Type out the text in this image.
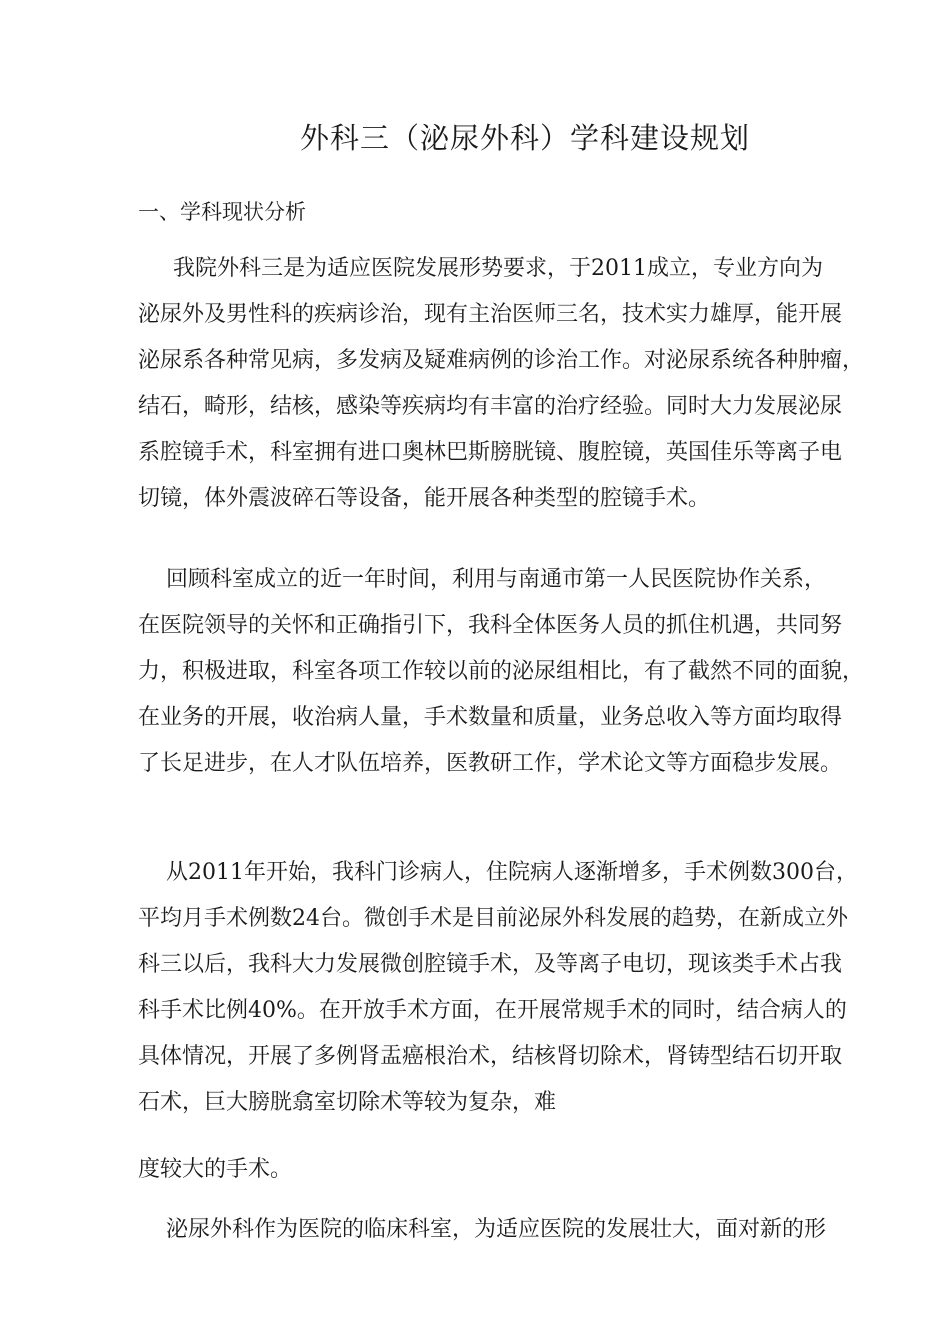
外科三（泌尿外科）学科建设规划
一、学科现状分析
我院外科三是为适应医院发展形势要求，于2011成立，专业方向为
泌尿外及男性科的疾病诊治，现有主治医师三名，技术实力雄厚，能开展
泌尿系各种常见病，多发病及疑难病例的诊治工作。对泌尿系统各种肿瘤，
结石，畸形，结核，感染等疾病均有丰富的治疗经验。同时大力发展泌尿
系腔镜手术，科室拥有进口奥林巴斯膀胱镜、腹腔镜，英国佳乐等离子电
切镜，体外震波碎石等设备，能开展各种类型的腔镜手术。
回顾科室成立的近一年时间，利用与南通市第一人民医院协作关系，
在医院领导的关怀和正确指引下，我科全体医务人员的抓住机遇，共同努
力，积极进取，科室各项工作较以前的泌尿组相比，有了截然不同的面貌，
在业务的开展，收治病人量，手术数量和质量，业务总收入等方面均取得
了长足进步，在人才队伍培养，医教研工作，学术论文等方面稳步发展。
从2011年开始，我科门诊病人，住院病人逐渐增多，手术例数300台，
平均月手术例数24台。微创手术是目前泌尿外科发展的趋势，在新成立外
科三以后，我科大力发展微创腔镜手术，及等离子电切，现该类手术占我
科手术比例40%。在开放手术方面，在开展常规手术的同时，结合病人的
具体情况，开展了多例肾盂癌根治术，结核肾切除术，肾铸型结石切开取
石术，巨大膀胱翕室切除术等较为复杂，难
度较大的手术。
泌尿外科作为医院的临床科室，为适应医院的发展壮大，面对新的形
